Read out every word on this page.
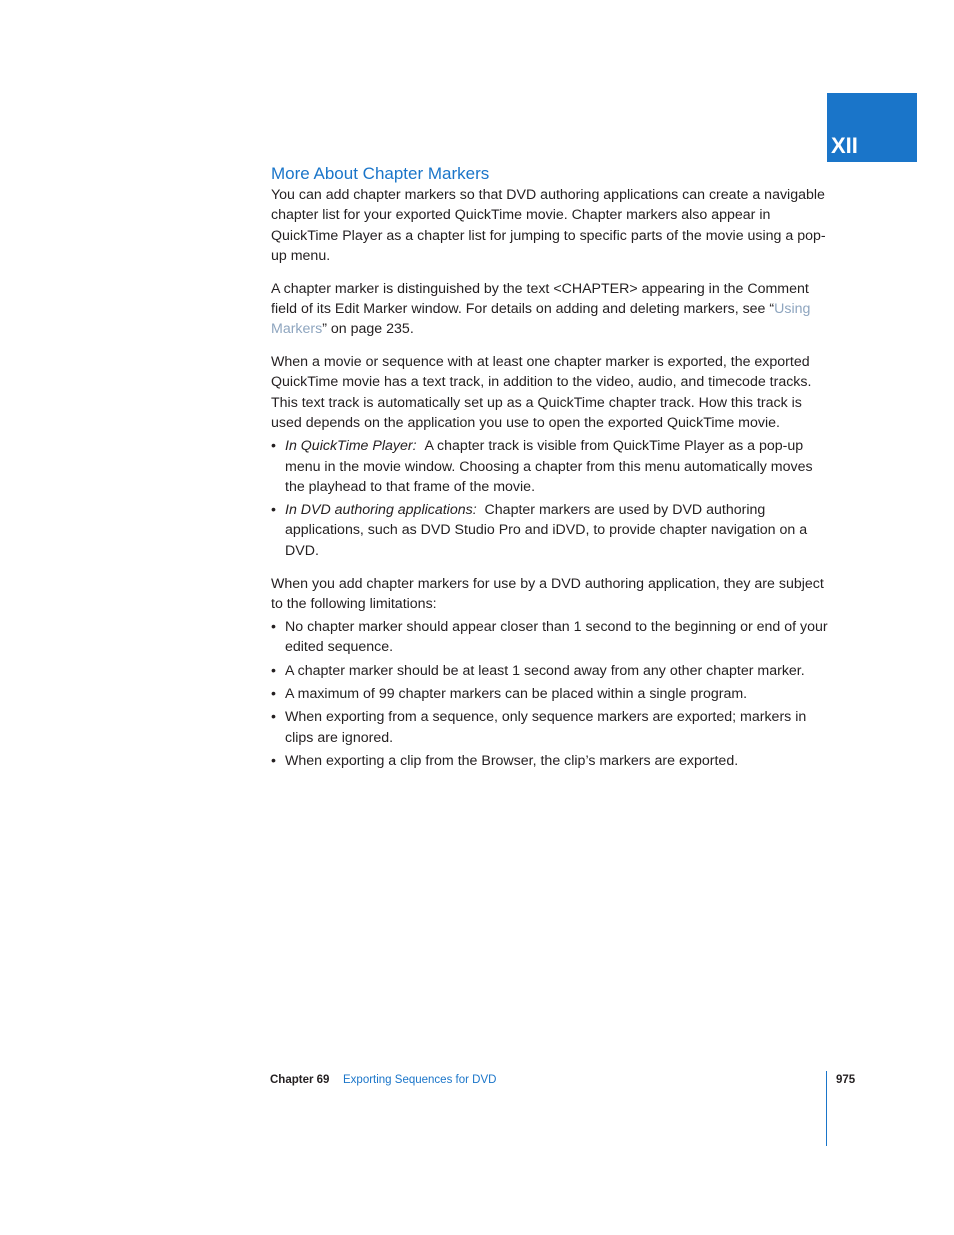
XII
More About Chapter Markers

You can add chapter markers so that DVD authoring applications can create a navigable chapter list for your exported QuickTime movie. Chapter markers also appear in QuickTime Player as a chapter list for jumping to specific parts of the movie using a pop-up menu.

A chapter marker is distinguished by the text <CHAPTER> appearing in the Comment field of its Edit Marker window. For details on adding and deleting markers, see “Using Markers” on page 235.

When a movie or sequence with at least one chapter marker is exported, the exported QuickTime movie has a text track, in addition to the video, audio, and timecode tracks. This text track is automatically set up as a QuickTime chapter track. How this track is used depends on the application you use to open the exported QuickTime movie.

• In QuickTime Player: A chapter track is visible from QuickTime Player as a pop-up menu in the movie window. Choosing a chapter from this menu automatically moves the playhead to that frame of the movie.
• In DVD authoring applications: Chapter markers are used by DVD authoring applications, such as DVD Studio Pro and iDVD, to provide chapter navigation on a DVD.

When you add chapter markers for use by a DVD authoring application, they are subject to the following limitations:

• No chapter marker should appear closer than 1 second to the beginning or end of your edited sequence.
• A chapter marker should be at least 1 second away from any other chapter marker.
• A maximum of 99 chapter markers can be placed within a single program.
• When exporting from a sequence, only sequence markers are exported; markers in clips are ignored.
• When exporting a clip from the Browser, the clip’s markers are exported.
Chapter 69 Exporting Sequences for DVD	975
